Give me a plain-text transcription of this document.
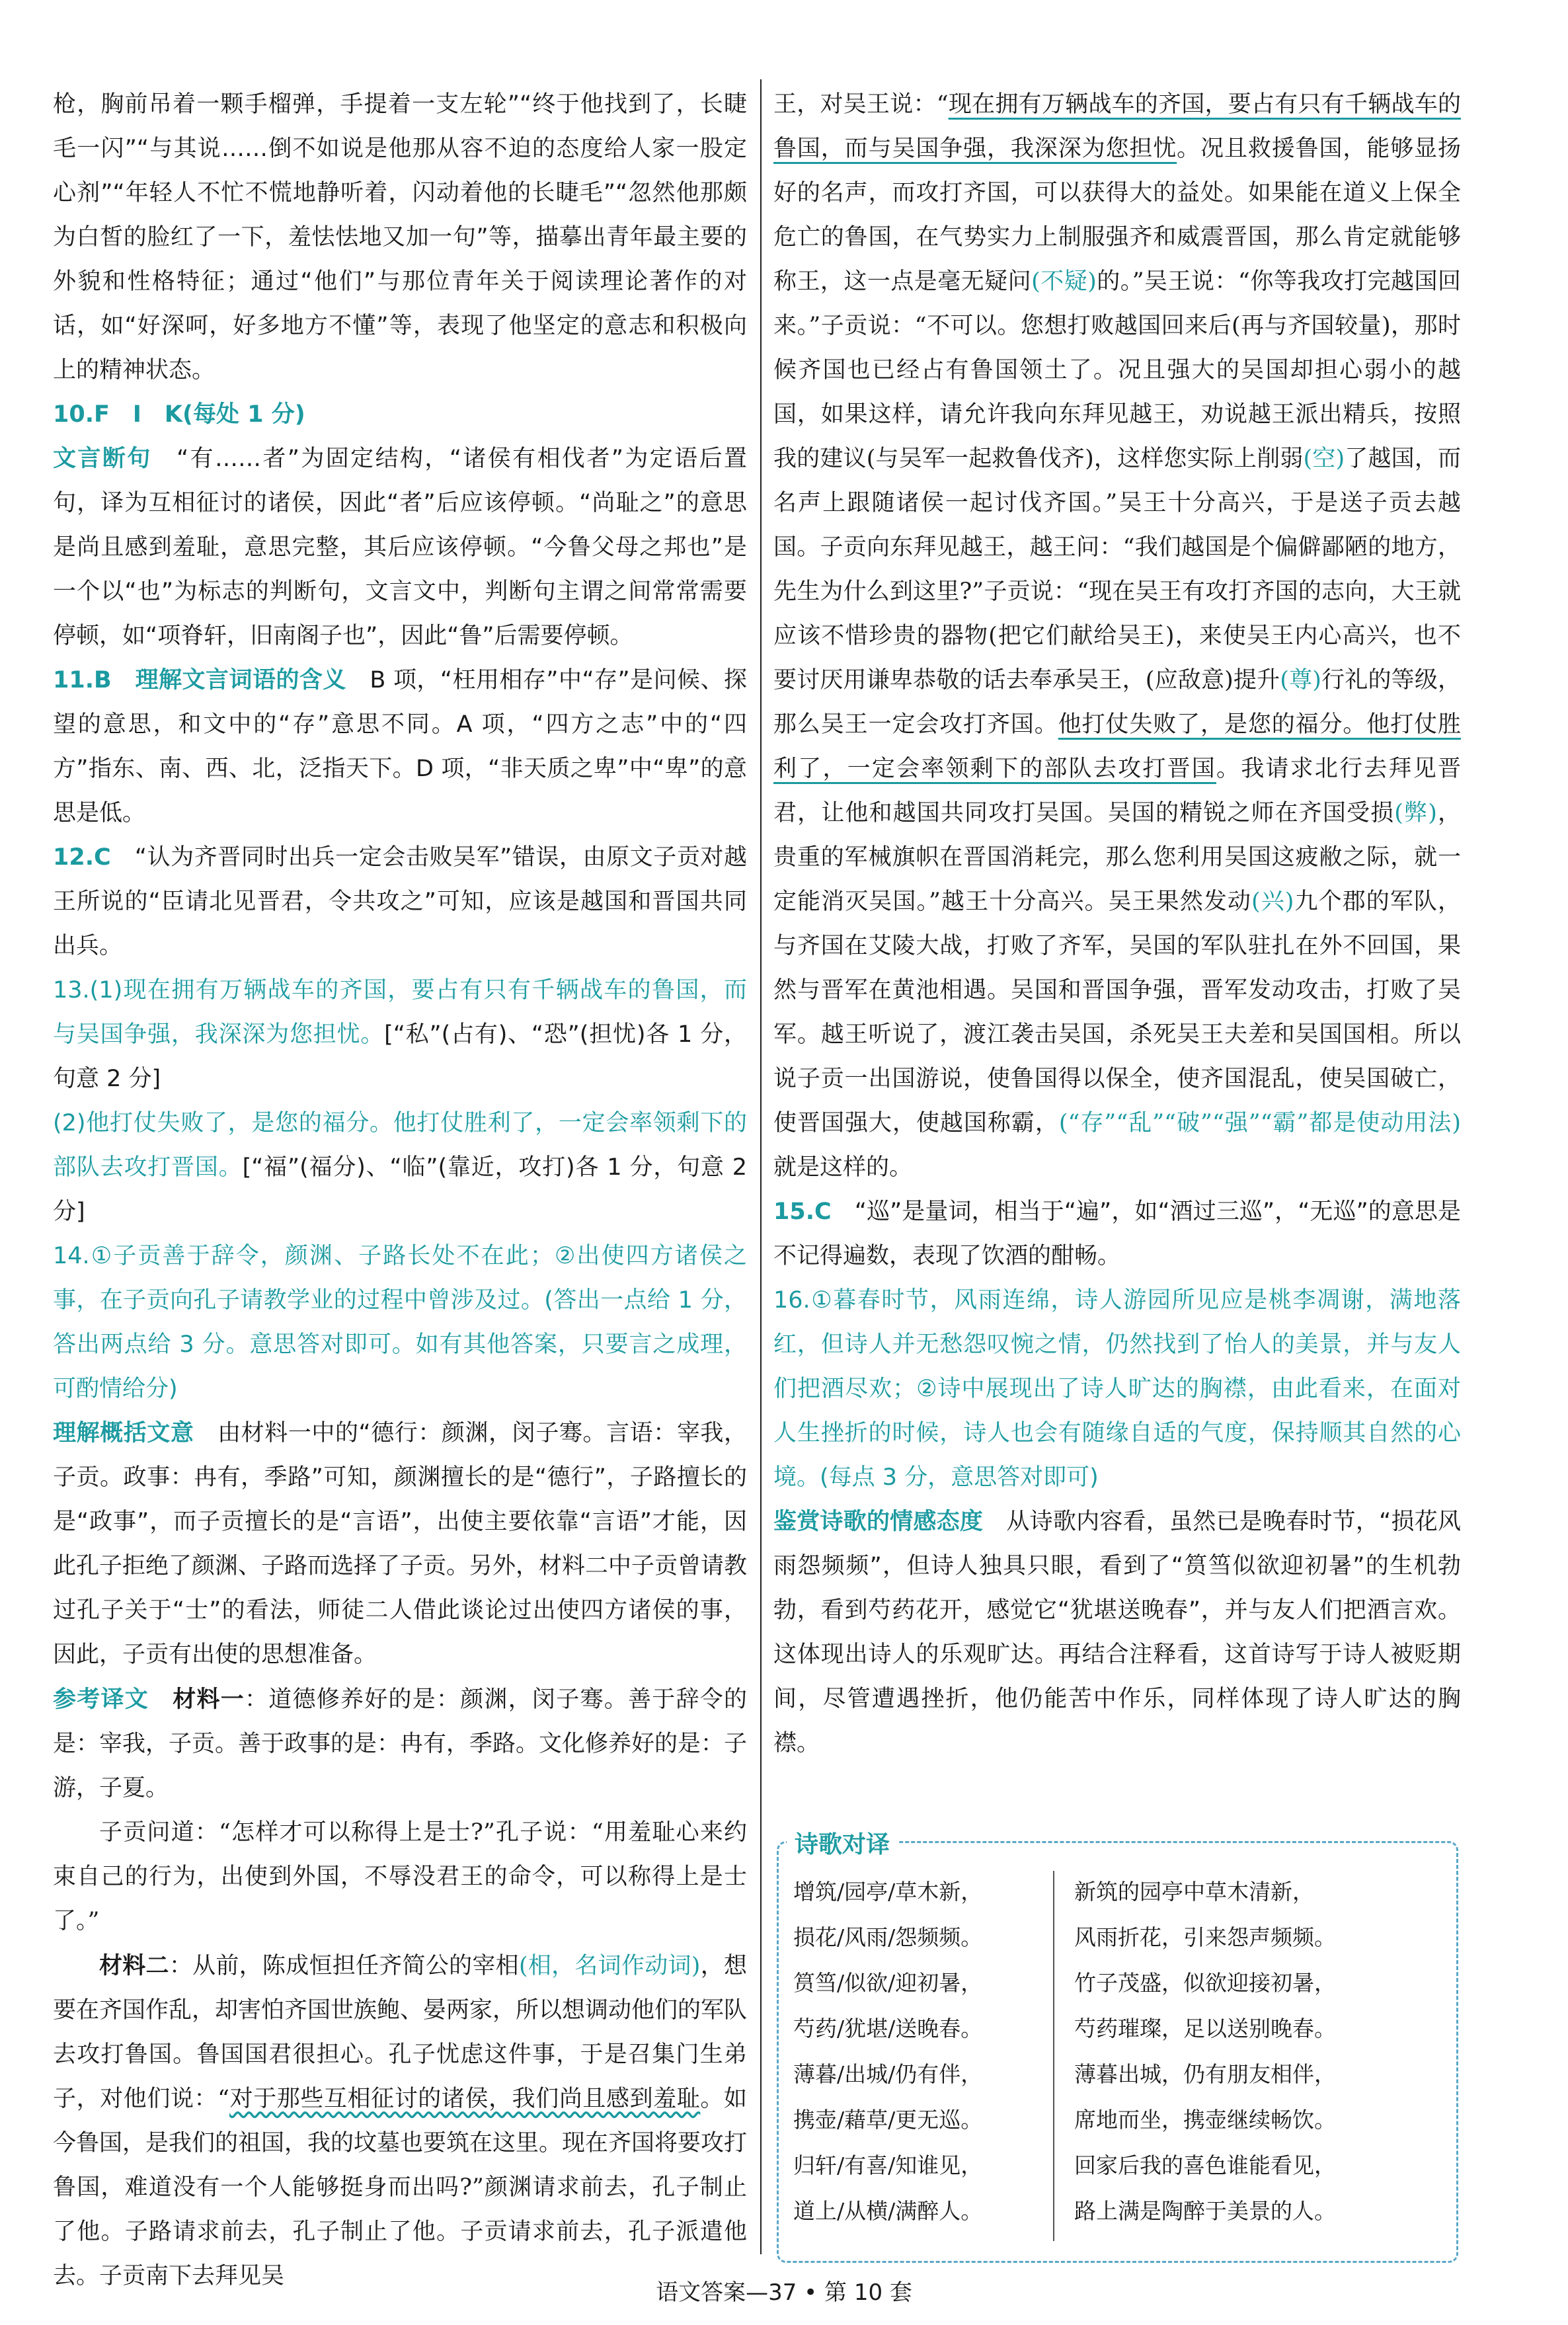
枪，胸前吊着一颗手榴弹，手提着一支左轮”“终于他找到了，长睫毛一闪”“与其说……倒不如说是他那从容不迫的态度给人家一股定心剂”“年轻人不忙不慌地静听着，闪动着他的长睫毛”“忽然他那颇为白皙的脸红了一下，羞怯怯地又加一句”等，描摹出青年最主要的外貌和性格特征；通过“他们”与那位青年关于阅读理论著作的对话，如“好深呵，好多地方不懂”等，表现了他坚定的意志和积极向上的精神状态。

10.F　I　K(每处 1 分)

文言断句　 “有……者”为固定结构，“诸侯有相伐者”为定语后置句，译为互相征讨的诸侯，因此“者”后应该停顿。“尚耻之”的意思是尚且感到羞耻，意思完整，其后应该停顿。“今鲁父母之邦也”是一个以“也”为标志的判断句，文言文中，判断句主谓之间常常需要停顿，如“项脊轩，旧南阁子也”，因此“鲁”后需要停顿。

11.B　理解文言词语的含义　 B 项，“枉用相存”中“存”是问候、探望的意思，和文中的“存”意思不同。A 项，“四方之志”中的“四方”指东、南、西、北，泛指天下。D 项，“非天质之卑”中“卑”的意思是低。

12.C　 “认为齐晋同时出兵一定会击败吴军”错误，由原文子贡对越王所说的“臣请北见晋君，令共攻之”可知，应该是越国和晋国共同出兵。

13.(1)现在拥有万辆战车的齐国，要占有只有千辆战车的鲁国，而与吴国争强，我深深为您担忧。[“私”(占有)、“恐”(担忧)各 1 分，句意 2 分]

(2)他打仗失败了，是您的福分。他打仗胜利了，一定会率领剩下的部队去攻打晋国。[“福”(福分)、“临”(靠近，攻打)各 1 分，句意 2 分]

14.①子贡善于辞令，颜渊、子路长处不在此；②出使四方诸侯之事，在子贡向孔子请教学业的过程中曾涉及过。(答出一点给 1 分，答出两点给 3 分。意思答对即可。如有其他答案，只要言之成理，可酌情给分)

理解概括文意　 由材料一中的“德行：颜渊，闵子骞。言语：宰我，子贡。政事：冉有，季路”可知，颜渊擅长的是“德行”，子路擅长的是“政事”，而子贡擅长的是“言语”，出使主要依靠“言语”才能，因此孔子拒绝了颜渊、子路而选择了子贡。另外，材料二中子贡曾请教过孔子关于“士”的看法，师徒二人借此谈论过出使四方诸侯的事，因此，子贡有出使的思想准备。

参考译文　 材料一：道德修养好的是：颜渊，闵子骞。善于辞令的是：宰我，子贡。善于政事的是：冉有，季路。文化修养好的是：子游，子夏。

子贡问道：“怎样才可以称得上是士?”孔子说：“用羞耻心来约束自己的行为，出使到外国，不辱没君王的命令，可以称得上是士了。”

材料二：从前，陈成恒担任齐简公的宰相(相，名词作动词)，想要在齐国作乱，却害怕齐国世族鲍、晏两家，所以想调动他们的军队去攻打鲁国。鲁国国君很担心。孔子忧虑这件事，于是召集门生弟子，对他们说：“对于那些互相征讨的诸侯，我们尚且感到羞耻。如今鲁国，是我们的祖国，我的坟墓也要筑在这里。现在齐国将要攻打鲁国，难道没有一个人能够挺身而出吗?”颜渊请求前去，孔子制止了他。子路请求前去，孔子制止了他。子贡请求前去，孔子派遣他去。子贡南下去拜见吴

王，对吴王说：“现在拥有万辆战车的齐国，要占有只有千辆战车的鲁国，而与吴国争强，我深深为您担忧。况且救援鲁国，能够显扬好的名声，而攻打齐国，可以获得大的益处。如果能在道义上保全危亡的鲁国，在气势实力上制服强齐和威震晋国，那么肯定就能够称王，这一点是毫无疑问(不疑)的。”吴王说：“你等我攻打完越国回来。”子贡说：“不可以。您想打败越国回来后(再与齐国较量)，那时候齐国也已经占有鲁国领土了。况且强大的吴国却担心弱小的越国，如果这样，请允许我向东拜见越王，劝说越王派出精兵，按照我的建议(与吴军一起救鲁伐齐)，这样您实际上削弱(空)了越国，而名声上跟随诸侯一起讨伐齐国。”吴王十分高兴，于是送子贡去越国。子贡向东拜见越王，越王问：“我们越国是个偏僻鄙陋的地方，先生为什么到这里?”子贡说：“现在吴王有攻打齐国的志向，大王就应该不惜珍贵的器物(把它们献给吴王)，来使吴王内心高兴，也不要讨厌用谦卑恭敬的话去奉承吴王，(应敌意)提升(尊)行礼的等级，那么吴王一定会攻打齐国。他打仗失败了，是您的福分。他打仗胜利了，一定会率领剩下的部队去攻打晋国。我请求北行去拜见晋君，让他和越国共同攻打吴国。吴国的精锐之师在齐国受损(弊)，贵重的军械旗帜在晋国消耗完，那么您利用吴国这疲敝之际，就一定能消灭吴国。”越王十分高兴。吴王果然发动(兴)九个郡的军队，与齐国在艾陵大战，打败了齐军，吴国的军队驻扎在外不回国，果然与晋军在黄池相遇。吴国和晋国争强，晋军发动攻击，打败了吴军。越王听说了，渡江袭击吴国，杀死吴王夫差和吴国国相。所以说子贡一出国游说，使鲁国得以保全，使齐国混乱，使吴国破亡，使晋国强大，使越国称霸，(“存”“乱”“破”“强”“霸”都是使动用法)就是这样的。

15.C　 “巡”是量词，相当于“遍”，如“酒过三巡”，“无巡”的意思是不记得遍数，表现了饮酒的酣畅。

16.①暮春时节，风雨连绵，诗人游园所见应是桃李凋谢，满地落红，但诗人并无愁怨叹惋之情，仍然找到了怡人的美景，并与友人们把酒尽欢；②诗中展现出了诗人旷达的胸襟，由此看来，在面对人生挫折的时候，诗人也会有随缘自适的气度，保持顺其自然的心境。(每点 3 分，意思答对即可)

鉴赏诗歌的情感态度　 从诗歌内容看，虽然已是晚春时节，“损花风雨怨频频”，但诗人独具只眼，看到了“筼筜似欲迎初暑”的生机勃勃，看到芍药花开，感觉它“犹堪送晚春”，并与友人们把酒言欢。这体现出诗人的乐观旷达。再结合注释看，这首诗写于诗人被贬期间，尽管遭遇挫折，他仍能苦中作乐，同样体现了诗人旷达的胸襟。

诗歌对译
增筑/园亭/草木新，
损花/风雨/怨频频。
筼筜/似欲/迎初暑，
芍药/犹堪/送晚春。
薄暮/出城/仍有伴，
携壶/藉草/更无巡。
归轩/有喜/知谁见，
道上/从横/满醉人。
新筑的园亭中草木清新，
风雨折花，引来怨声频频。
竹子茂盛，似欲迎接初暑，
芍药璀璨，足以送别晚春。
薄暮出城，仍有朋友相伴，
席地而坐，携壶继续畅饮。
回家后我的喜色谁能看见，
路上满是陶醉于美景的人。
语文答案—37 • 第 10 套
